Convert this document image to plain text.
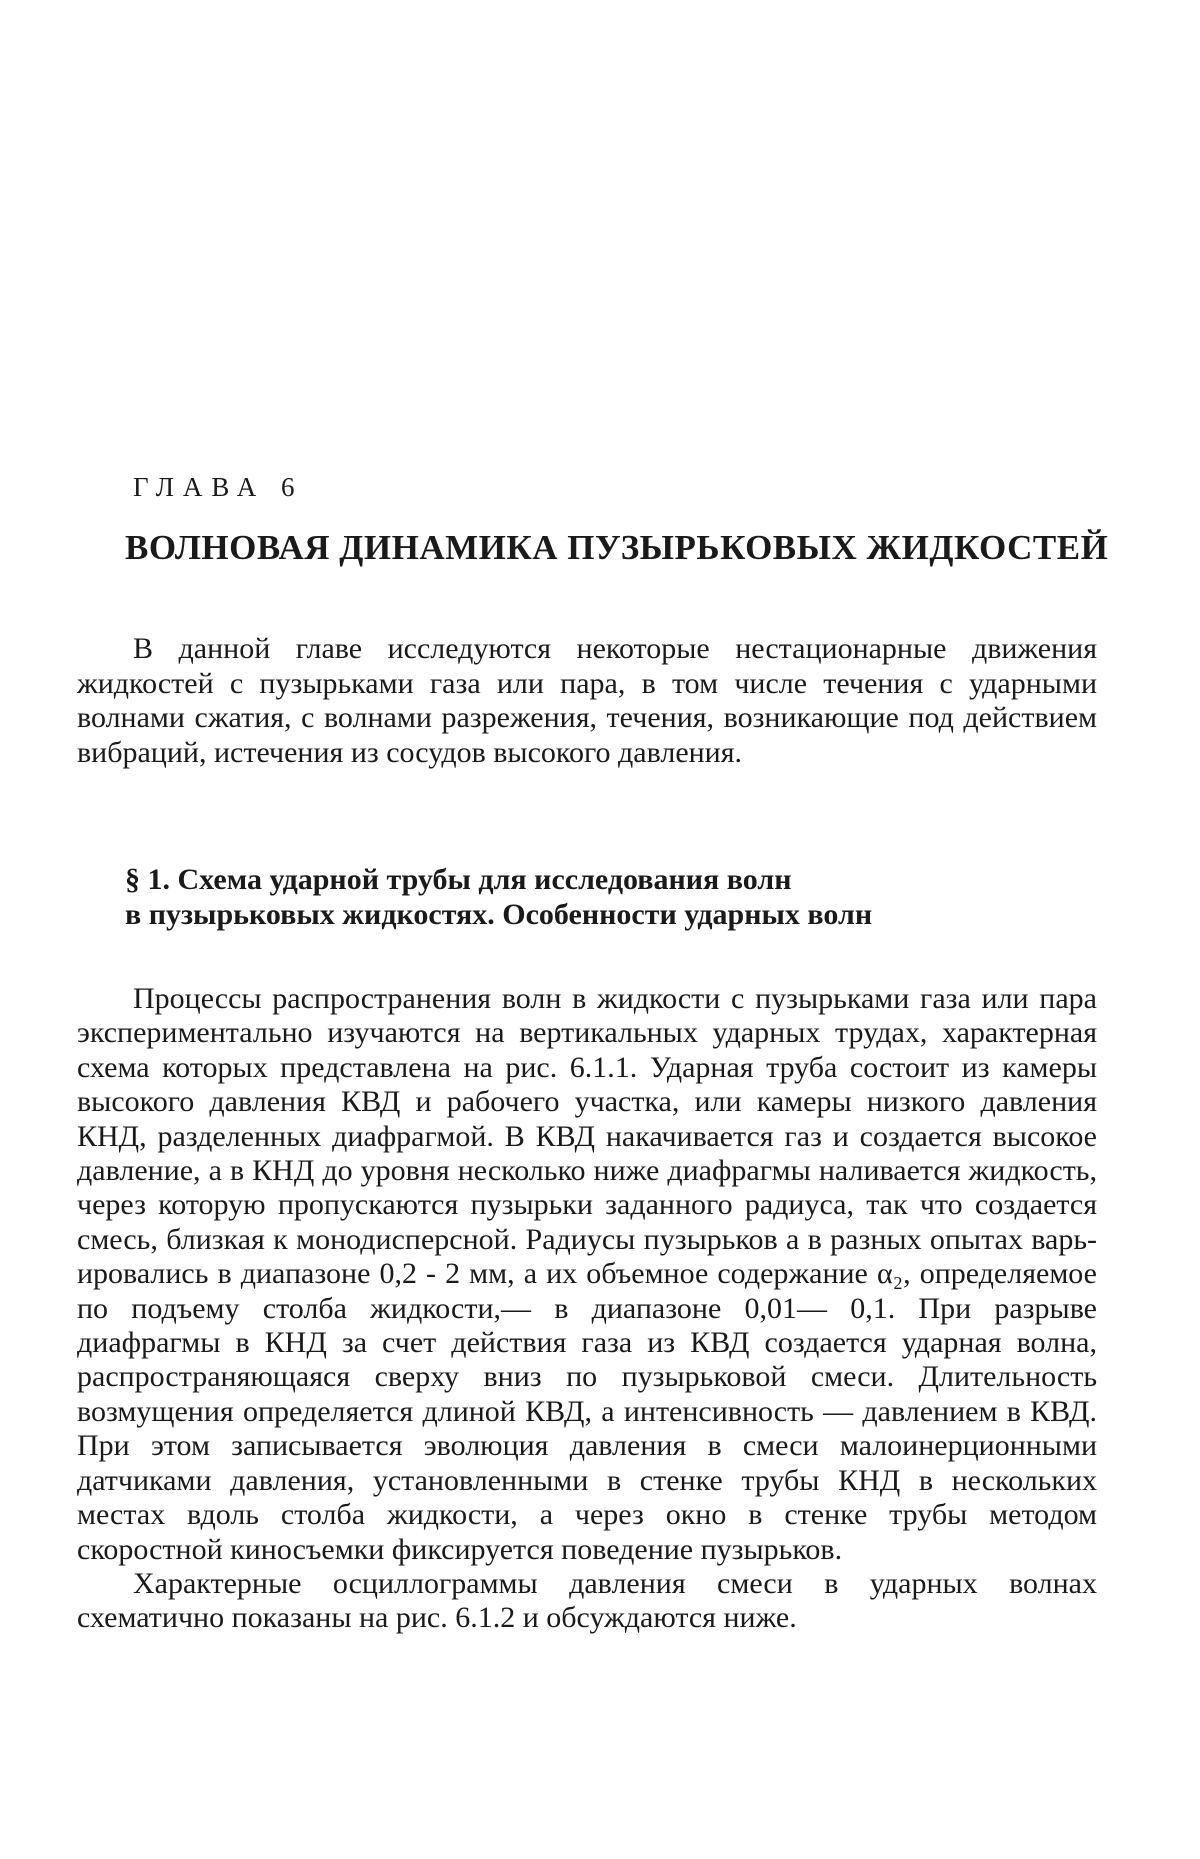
ГЛАВА 6
ВОЛНОВАЯ ДИНАМИКА ПУЗЫРЬКОВЫХ ЖИДКОСТЕЙ

В данной главе исследуются некоторые нестационарные движения жидкостей с пузырьками газа или пара, в том числе течения с ударными волнами сжатия, с волнами разрежения, течения, возникающие под действием вибраций, истечения из сосудов высокого давления.

§ 1. Схема ударной трубы для исследования волн
в пузырьковых жидкостях. Особенности ударных волн

Процессы распространения волн в жидкости с пузырьками газа или пара экспериментально изучаются на вертикальных ударных трудах, характерная схема которых представлена на рис. 6.1.1. Ударная труба состоит из камеры высокого давления КВД и рабочего участка, или камеры низкого давления КНД, разделенных диафрагмой. В КВД накачивается газ и создается высокое давление, а в КНД до уровня несколько ниже диафрагмы наливается жидкость, через которую пропускаются пузырьки заданного радиуса, так что создается смесь, близкая к монодисперсной. Радиусы пузырьков a в разных опытах варьировались в диапазоне 0,2 - 2 мм, а их объемное содержание α₂, определяемое по подъему столба жидкости,— в диапазоне 0,01— 0,1. При разрыве диафрагмы в КНД за счет действия газа из КВД создается ударная волна, распространяющаяся сверху вниз по пузырьковой смеси. Длительность возмущения определяется длиной КВД, а интенсивность — давлением в КВД. При этом записывается эволюция давления в смеси малоинерционными датчиками давления, установленными в стенке трубы КНД в нескольких местах вдоль столба жидкости, а через окно в стенке трубы методом скоростной киносъемки фиксируется поведение пузырьков.

Характерные осциллограммы давления смеси в ударных волнах схематично показаны на рис. 6.1.2 и обсуждаются ниже.
